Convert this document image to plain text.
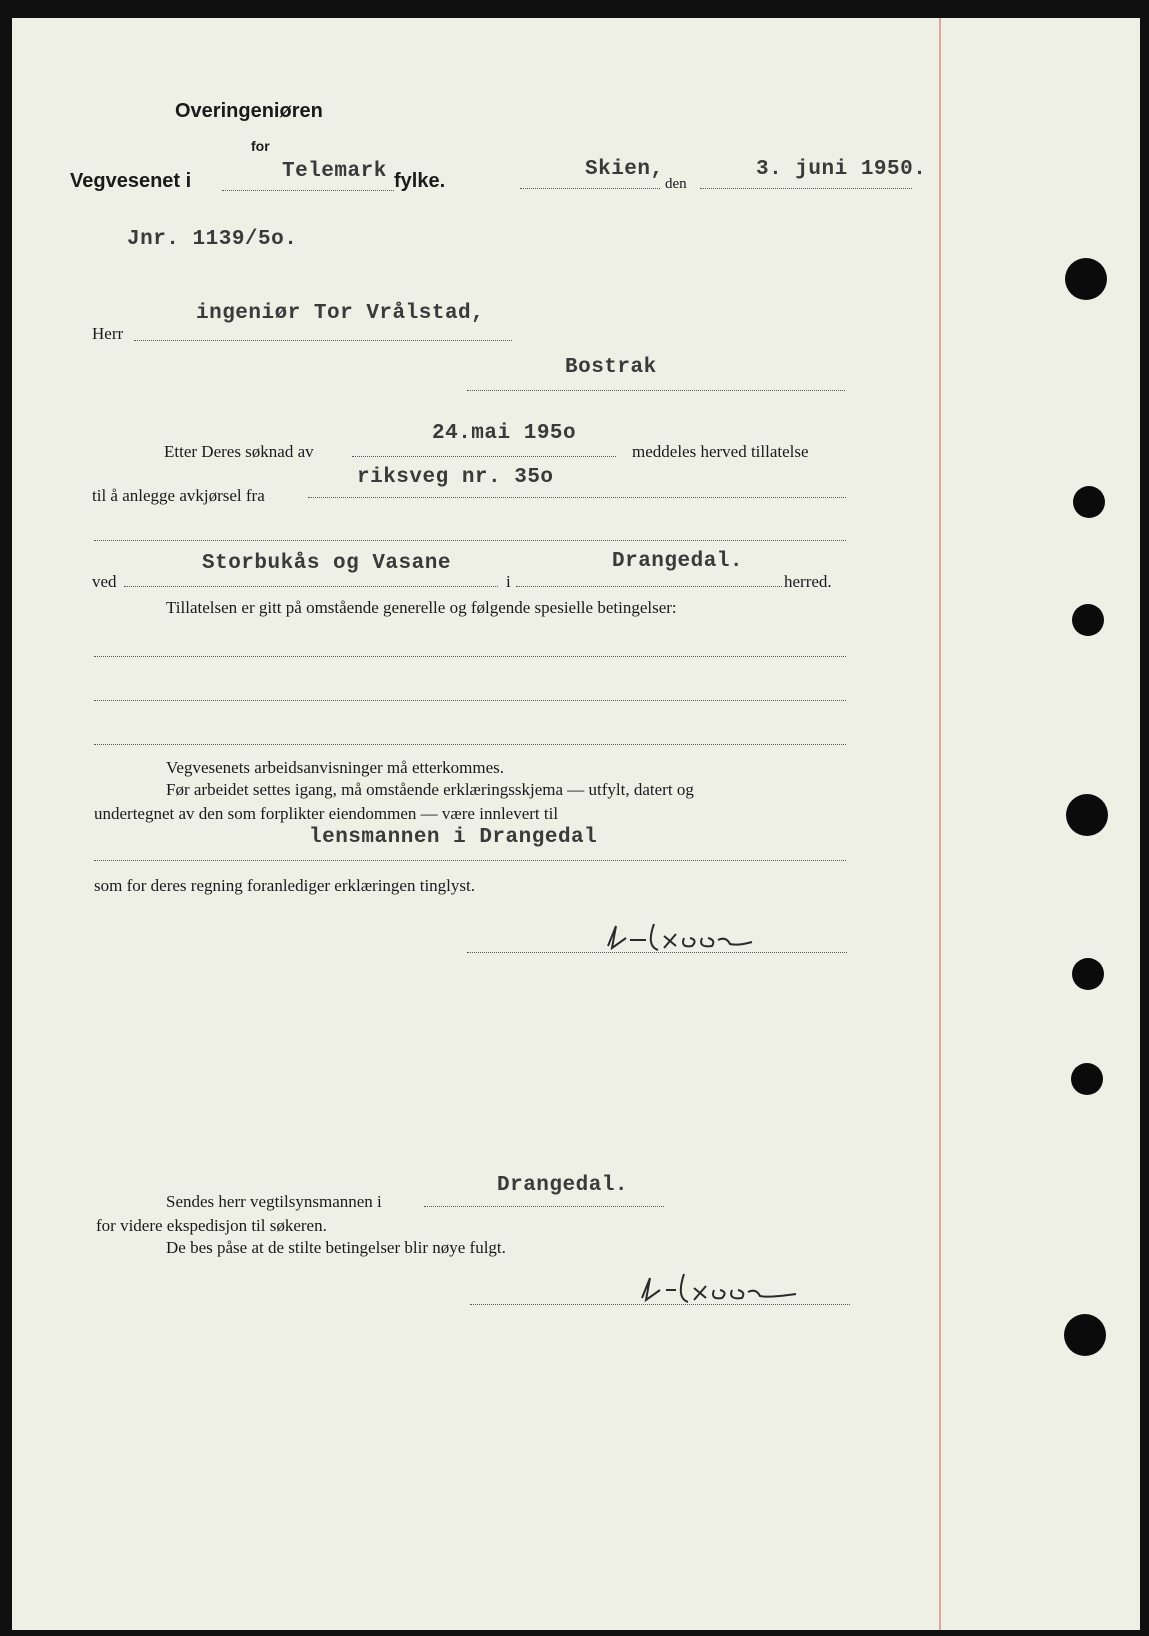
Overingeniøren
for
Vegvesenet i	Telemark fylke.	Skien,
den
3. juni 1950.
Jnr. 1139/5o.
ingeniør Tor Vrålstad,
Herr
Bostrak
24.mai 195o
Etter Deres søknad av	meddeles herved tillatelse
riksveg nr. 35o
til å anlegge avkjørsel fra
Storbukås og Vasane	Drangedal.
ved	i	herred.
Tillatelsen er gitt på omstående generelle og følgende spesielle betingelser:
Vegvesenets arbeidsanvisninger må etterkommes.
Før arbeidet settes igang, må omstående erklæringsskjema — utfylt, datert og
undertegnet av den som forplikter eiendommen — være innlevert til
lensmannen i Drangedal
som for deres regning foranlediger erklæringen tinglyst.
Drangedal.
Sendes herr vegtilsynsmannen i
for videre ekspedisjon til søkeren.
De bes påse at de stilte betingelser blir nøye fulgt.
